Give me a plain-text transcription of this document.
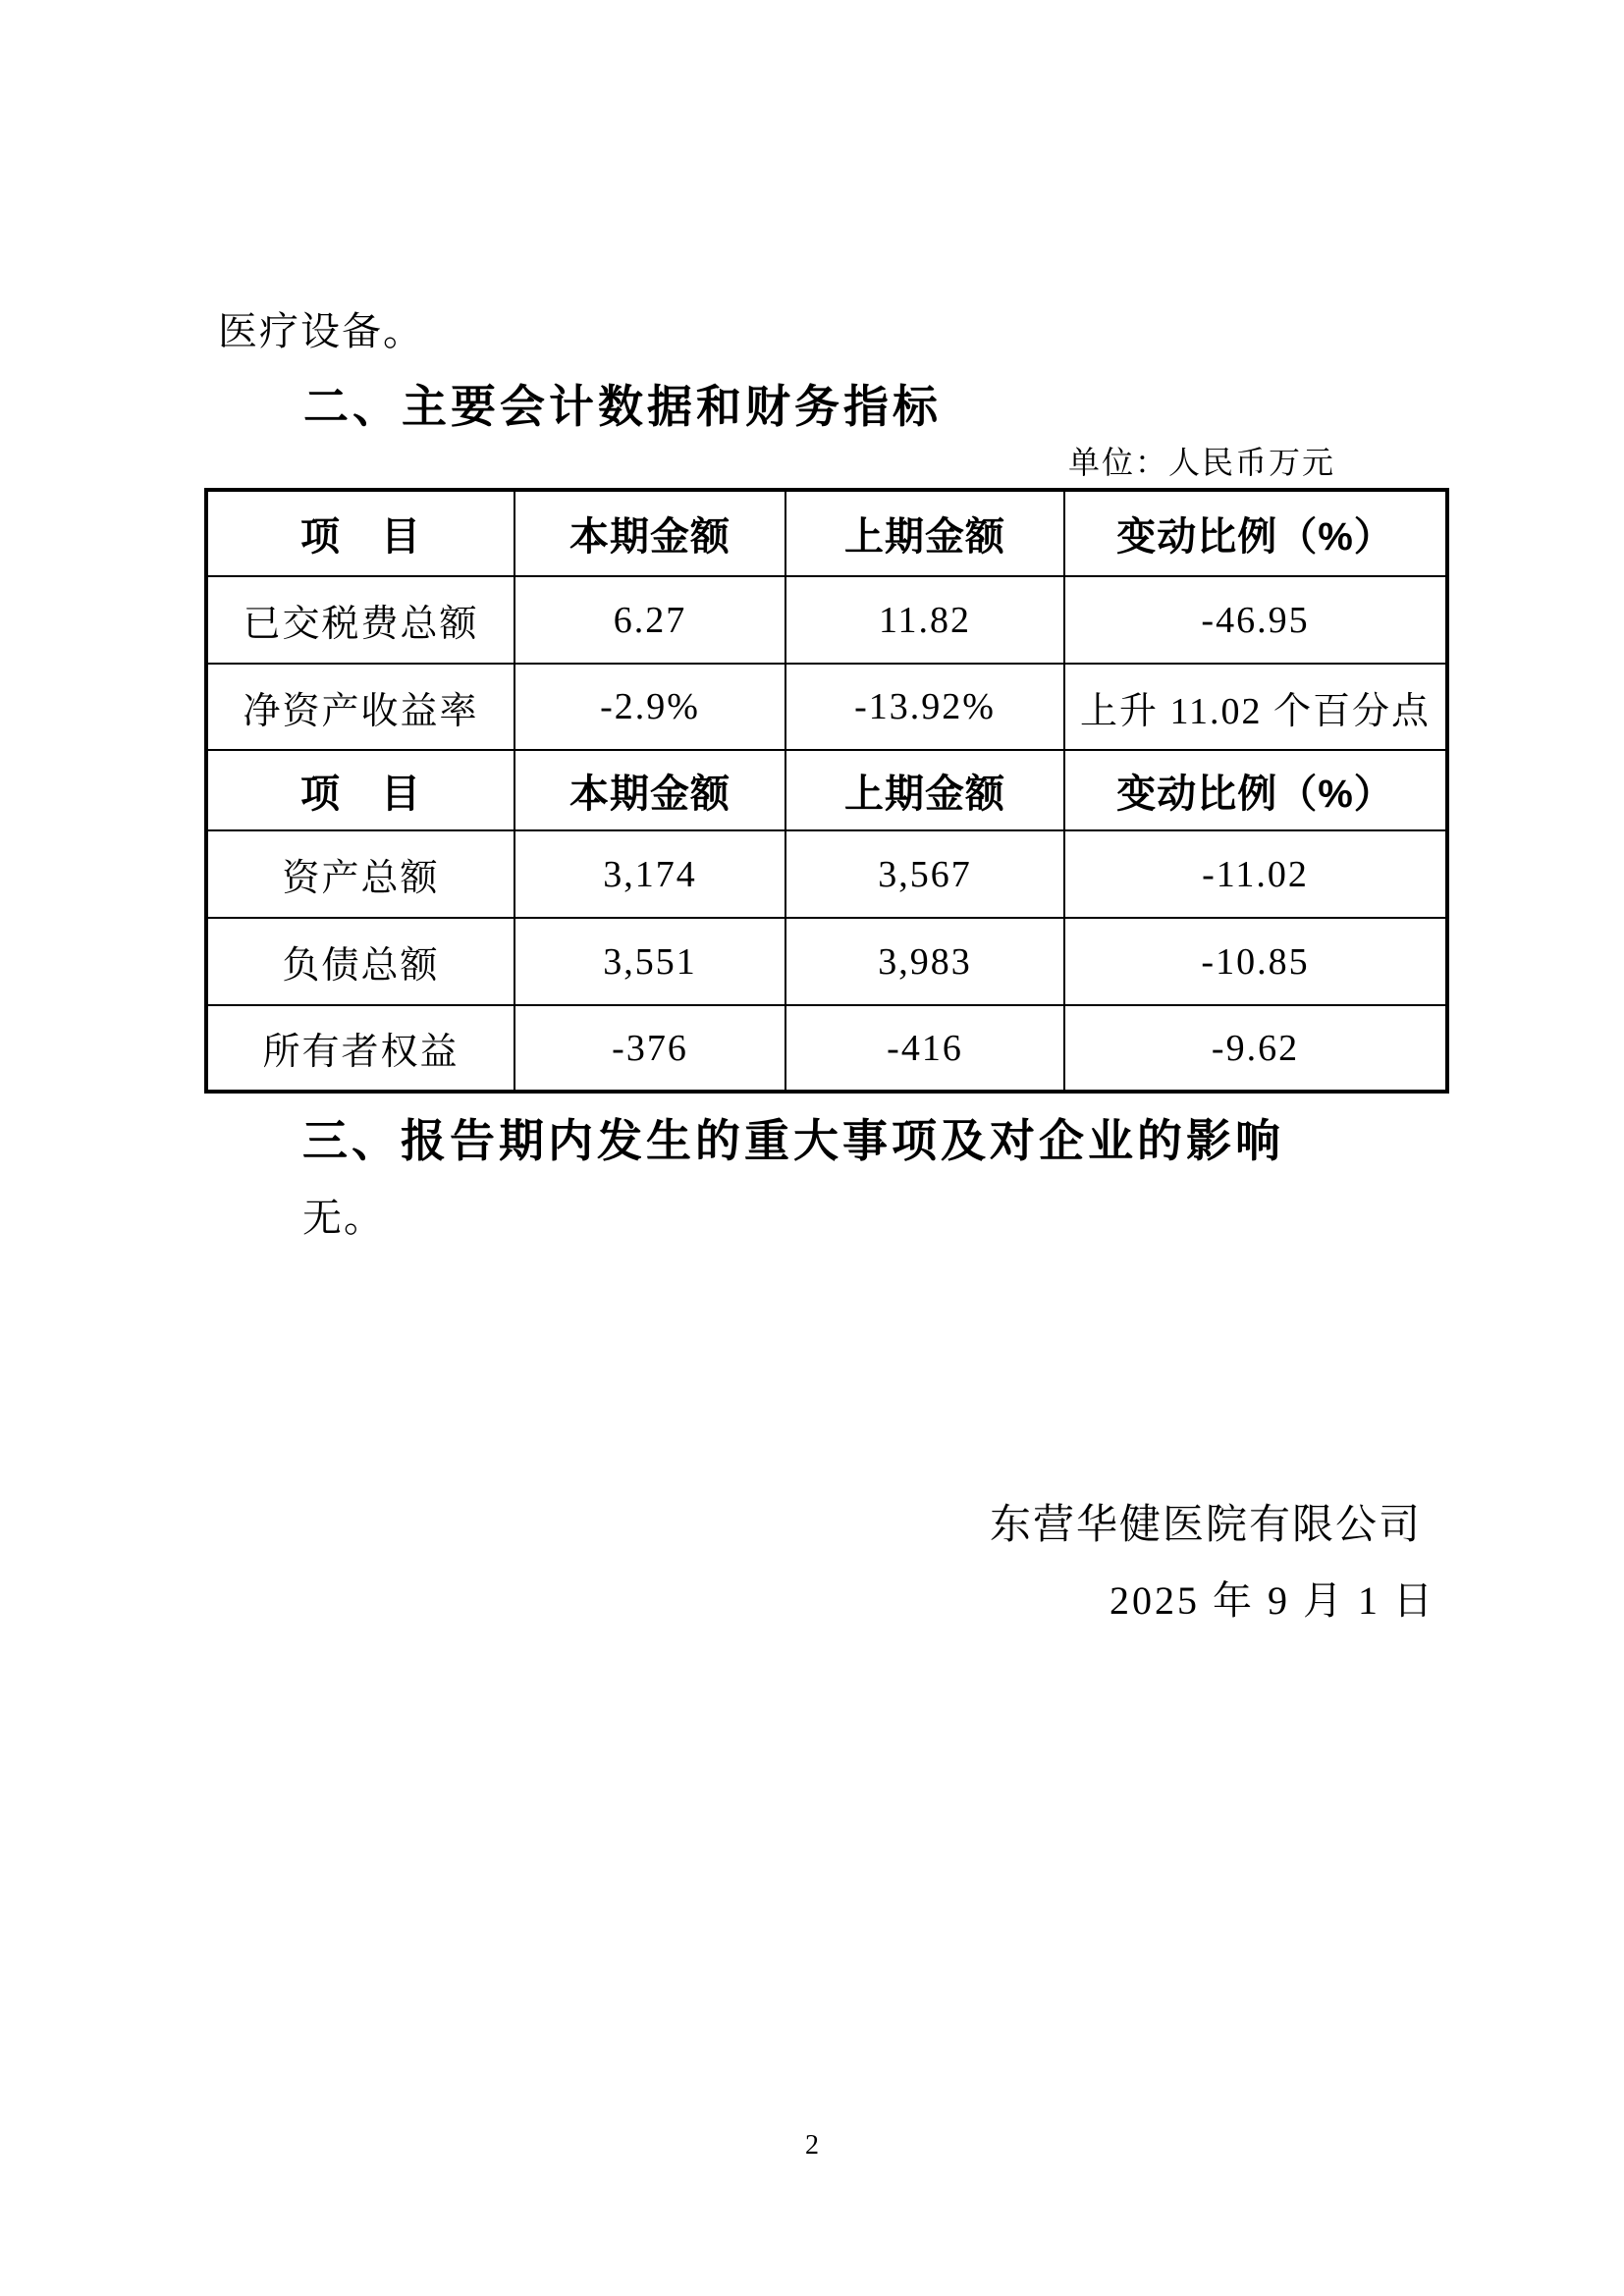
医疗设备。
二、主要会计数据和财务指标
单位：人民币万元
项　目	本期金额	上期金额	变动比例（%）
已交税费总额	6.27	11.82	-46.95
净资产收益率	-2.9%	-13.92%	上升 11.02 个百分点
项　目	本期金额	上期金额	变动比例（%）
资产总额	3,174	3,567	-11.02
负债总额	3,551	3,983	-10.85
所有者权益	-376	-416	-9.62
三、报告期内发生的重大事项及对企业的影响
无。
东营华健医院有限公司
2025 年 9 月 1 日
2
